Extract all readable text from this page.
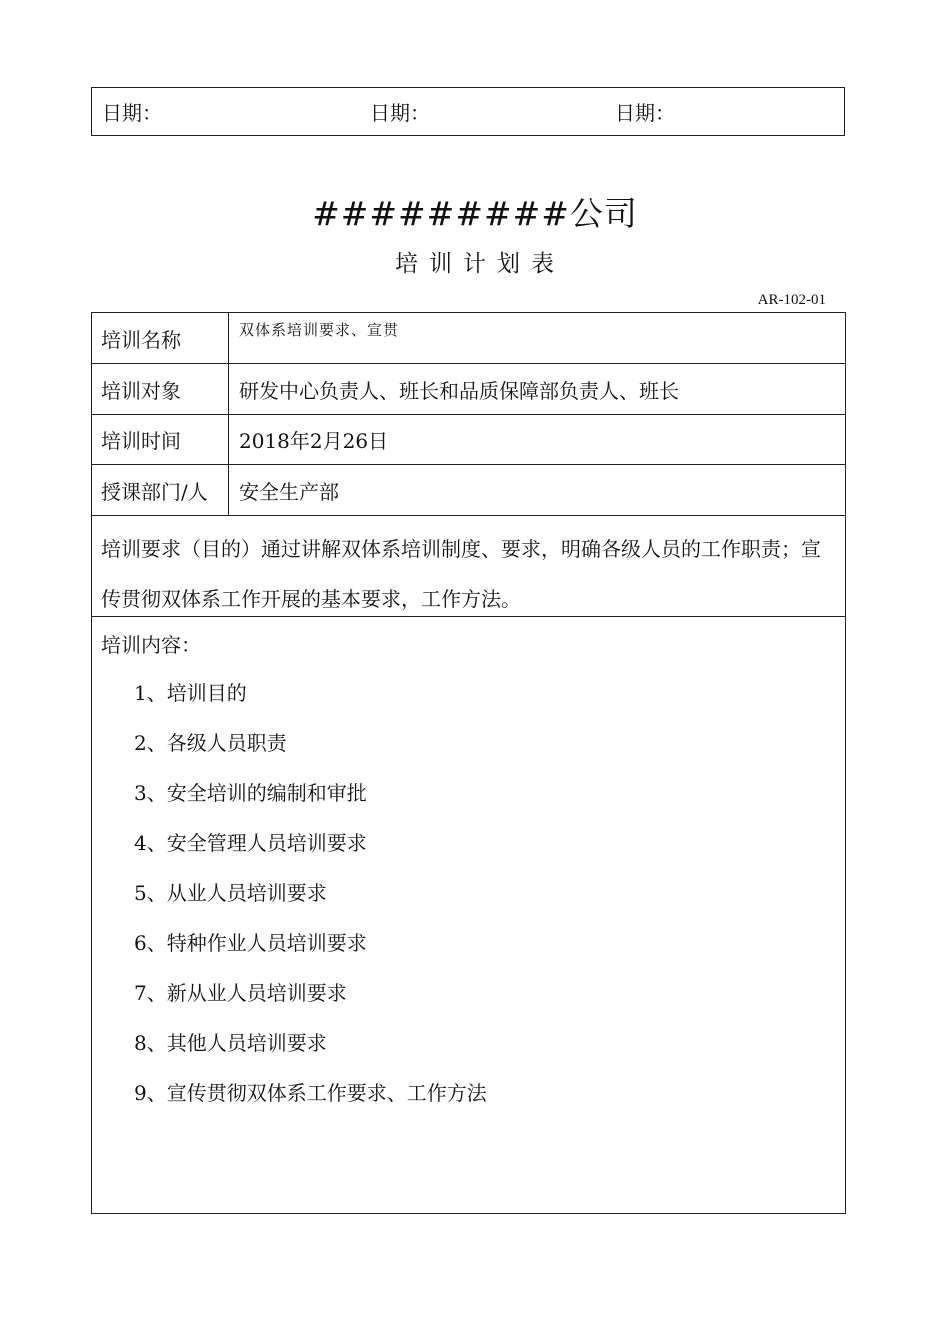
日期：	日期：	日期：
#########公司
培训计划表
AR-102-01
培训名称	双体系培训要求、宣贯
培训对象	研发中心负责人、班长和品质保障部负责人、班长
培训时间	2018年2月26日
授课部门/人	安全生产部
培训要求（目的）通过讲解双体系培训制度、要求，明确各级人员的工作职责；宣传贯彻双体系工作开展的基本要求，工作方法。
培训内容：
1、培训目的
2、各级人员职责
3、安全培训的编制和审批
4、安全管理人员培训要求
5、从业人员培训要求
6、特种作业人员培训要求
7、新从业人员培训要求
8、其他人员培训要求
9、宣传贯彻双体系工作要求、工作方法
